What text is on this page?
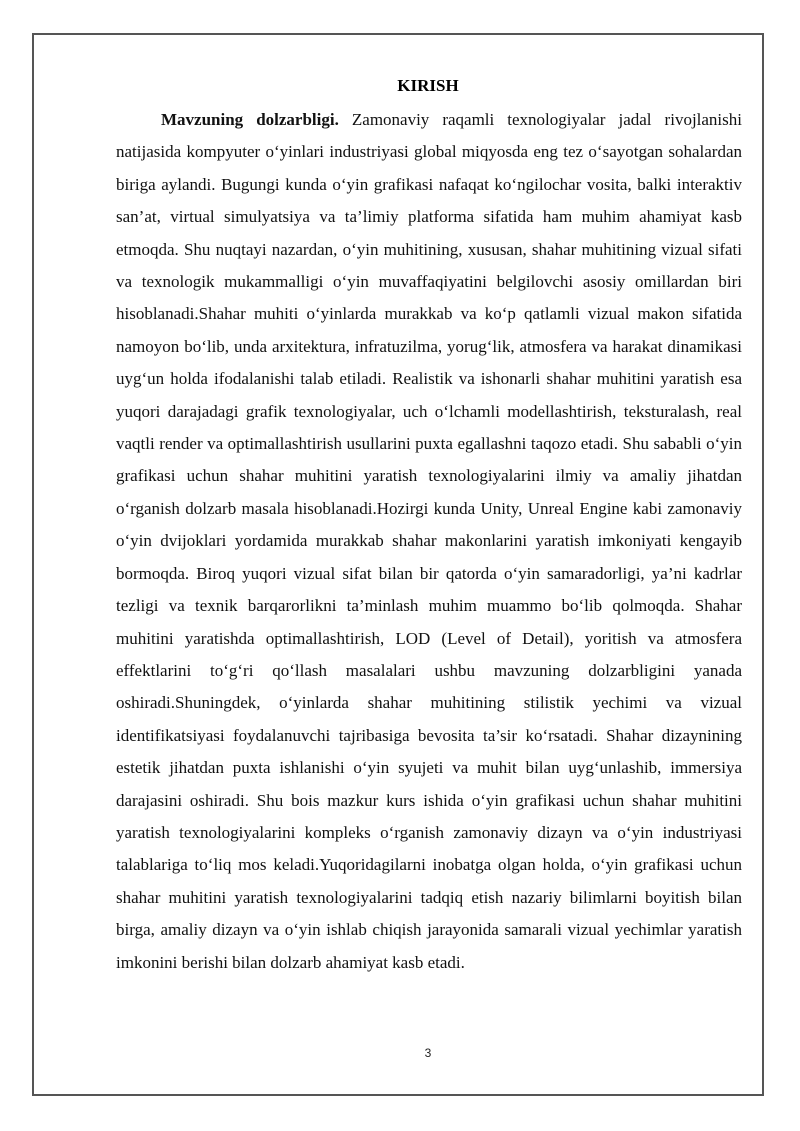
KIRISH

Mavzuning dolzarbligi. Zamonaviy raqamli texnologiyalar jadal rivojlanishi natijasida kompyuter o‘yinlari industriyasi global miqyosda eng tez o‘sayotgan sohalardan biriga aylandi. Bugungi kunda o‘yin grafikasi nafaqat ko‘ngilochar vosita, balki interaktiv san’at, virtual simulyatsiya va ta’limiy platforma sifatida ham muhim ahamiyat kasb etmoqda. Shu nuqtayi nazardan, o‘yin muhitining, xususan, shahar muhitining vizual sifati va texnologik mukammalligi o‘yin muvaffaqiyatini belgilovchi asosiy omillardan biri hisoblanadi.Shahar muhiti o‘yinlarda murakkab va ko‘p qatlamli vizual makon sifatida namoyon bo‘lib, unda arxitektura, infratuzilma, yorug‘lik, atmosfera va harakat dinamikasi uyg‘un holda ifodalanishi talab etiladi. Realistik va ishonarli shahar muhitini yaratish esa yuqori darajadagi grafik texnologiyalar, uch o‘lchamli modellashtirish, teksturalash, real vaqtli render va optimallashtirish usullarini puxta egallashni taqozo etadi. Shu sababli o‘yin grafikasi uchun shahar muhitini yaratish texnologiyalarini ilmiy va amaliy jihatdan o‘rganish dolzarb masala hisoblanadi.Hozirgi kunda Unity, Unreal Engine kabi zamonaviy o‘yin dvijoklari yordamida murakkab shahar makonlarini yaratish imkoniyati kengayib bormoqda. Biroq yuqori vizual sifat bilan bir qatorda o‘yin samaradorligi, ya’ni kadrlar tezligi va texnik barqarorlikni ta’minlash muhim muammo bo‘lib qolmoqda. Shahar muhitini yaratishda optimallashtirish, LOD (Level of Detail), yoritish va atmosfera effektlarini to‘g‘ri qo‘llash masalalari ushbu mavzuning dolzarbligini yanada oshiradi.Shuningdek, o‘yinlarda shahar muhitining stilistik yechimi va vizual identifikatsiyasi foydalanuvchi tajribasiga bevosita ta’sir ko‘rsatadi. Shahar dizaynining estetik jihatdan puxta ishlanishi o‘yin syujeti va muhit bilan uyg‘unlashib, immersiya darajasini oshiradi. Shu bois mazkur kurs ishida o‘yin grafikasi uchun shahar muhitini yaratish texnologiyalarini kompleks o‘rganish zamonaviy dizayn va o‘yin industriyasi talablariga to‘liq mos keladi.Yuqoridagilarni inobatga olgan holda, o‘yin grafikasi uchun shahar muhitini yaratish texnologiyalarini tadqiq etish nazariy bilimlarni boyitish bilan birga, amaliy dizayn va o‘yin ishlab chiqish jarayonida samarali vizual yechimlar yaratish imkonini berishi bilan dolzarb ahamiyat kasb etadi.

3
